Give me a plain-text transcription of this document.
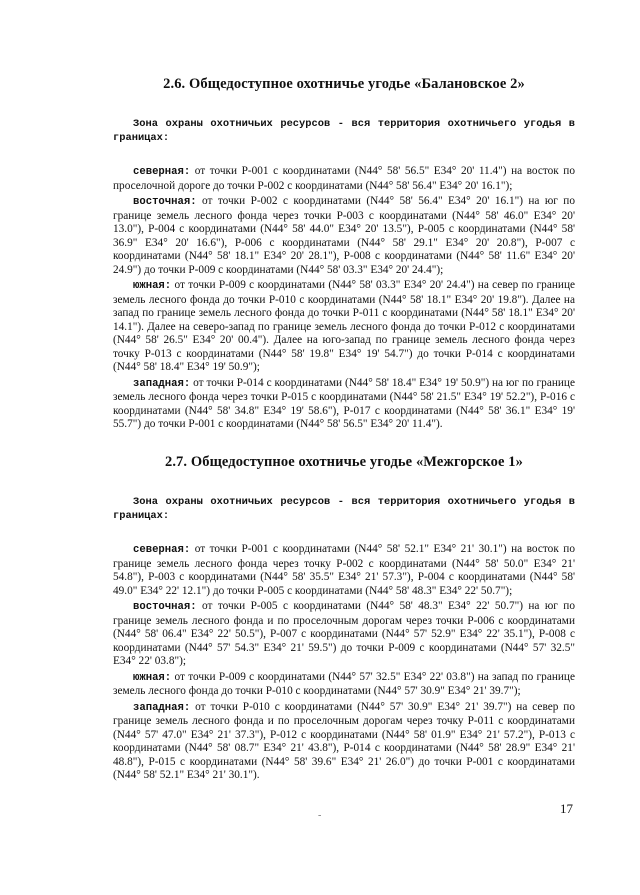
2.6. Общедоступное охотничье угодье «Балановское 2»

Зона охраны охотничьих ресурсов - вся территория охотничьего угодья в границах:

северная: от точки P-001 с координатами (N44° 58' 56.5" E34° 20' 11.4") на восток по проселочной дороге до точки P-002 с координатами (N44° 58' 56.4" E34° 20' 16.1");

восточная: от точки P-002 с координатами (N44° 58' 56.4" E34° 20' 16.1") на юг по границе земель лесного фонда через точки P-003 с координатами (N44° 58' 46.0" E34° 20' 13.0"), P-004 с координатами (N44° 58' 44.0" E34° 20' 13.5"), P-005 с координатами (N44° 58' 36.9" E34° 20' 16.6"), P-006 с координатами (N44° 58' 29.1" E34° 20' 20.8"), P-007 с координатами (N44° 58' 18.1" E34° 20' 28.1"), P-008 с координатами (N44° 58' 11.6" E34° 20' 24.9") до точки P-009 с координатами (N44° 58' 03.3" E34° 20' 24.4");

южная: от точки P-009 с координатами (N44° 58' 03.3" E34° 20' 24.4") на север по границе земель лесного фонда до точки P-010 с координатами (N44° 58' 18.1" E34° 20' 19.8"). Далее на запад по границе земель лесного фонда до точки P-011 с координатами (N44° 58' 18.1" E34° 20' 14.1"). Далее на северо-запад по границе земель лесного фонда до точки P-012 с координатами (N44° 58' 26.5" E34° 20' 00.4"). Далее на юго-запад по границе земель лесного фонда через точку P-013 с координатами (N44° 58' 19.8" E34° 19' 54.7") до точки P-014 с координатами (N44° 58' 18.4" E34° 19' 50.9");

западная: от точки P-014 с координатами (N44° 58' 18.4" E34° 19' 50.9") на юг по границе земель лесного фонда через точки P-015 с координатами (N44° 58' 21.5" E34° 19' 52.2"), P-016 с координатами (N44° 58' 34.8" E34° 19' 58.6"), P-017 с координатами (N44° 58' 36.1" E34° 19' 55.7") до точки P-001 с координатами (N44° 58' 56.5" E34° 20' 11.4").

2.7. Общедоступное охотничье угодье «Межгорское 1»

Зона охраны охотничьих ресурсов - вся территория охотничьего угодья в границах:

северная: от точки P-001 с координатами (N44° 58' 52.1" E34° 21' 30.1") на восток по границе земель лесного фонда через точку P-002 с координатами (N44° 58' 50.0" E34° 21' 54.8"), P-003 с координатами (N44° 58' 35.5" E34° 21' 57.3"), P-004 с координатами (N44° 58' 49.0" E34° 22' 12.1") до точки P-005 с координатами (N44° 58' 48.3" E34° 22' 50.7");

восточная: от точки P-005 с координатами (N44° 58' 48.3" E34° 22' 50.7") на юг по границе земель лесного фонда и по проселочным дорогам через точки P-006 с координатами (N44° 58' 06.4" E34° 22' 50.5"), P-007 с координатами (N44° 57' 52.9" E34° 22' 35.1"), P-008 с координатами (N44° 57' 54.3" E34° 21' 59.5") до точки P-009 с координатами (N44° 57' 32.5" E34° 22' 03.8");

южная: от точки P-009 с координатами (N44° 57' 32.5" E34° 22' 03.8") на запад по границе земель лесного фонда до точки P-010 с координатами (N44° 57' 30.9" E34° 21' 39.7");

западная: от точки P-010 с координатами (N44° 57' 30.9" E34° 21' 39.7") на север по границе земель лесного фонда и по проселочным дорогам через точку P-011 с координатами (N44° 57' 47.0" E34° 21' 37.3"), P-012 с координатами (N44° 58' 01.9" E34° 21' 57.2"), P-013 с координатами (N44° 58' 08.7" E34° 21' 43.8"), P-014 с координатами (N44° 58' 28.9" E34° 21' 48.8"), P-015 с координатами (N44° 58' 39.6" E34° 21' 26.0") до точки P-001 с координатами (N44° 58' 52.1" E34° 21' 30.1").

-	17
